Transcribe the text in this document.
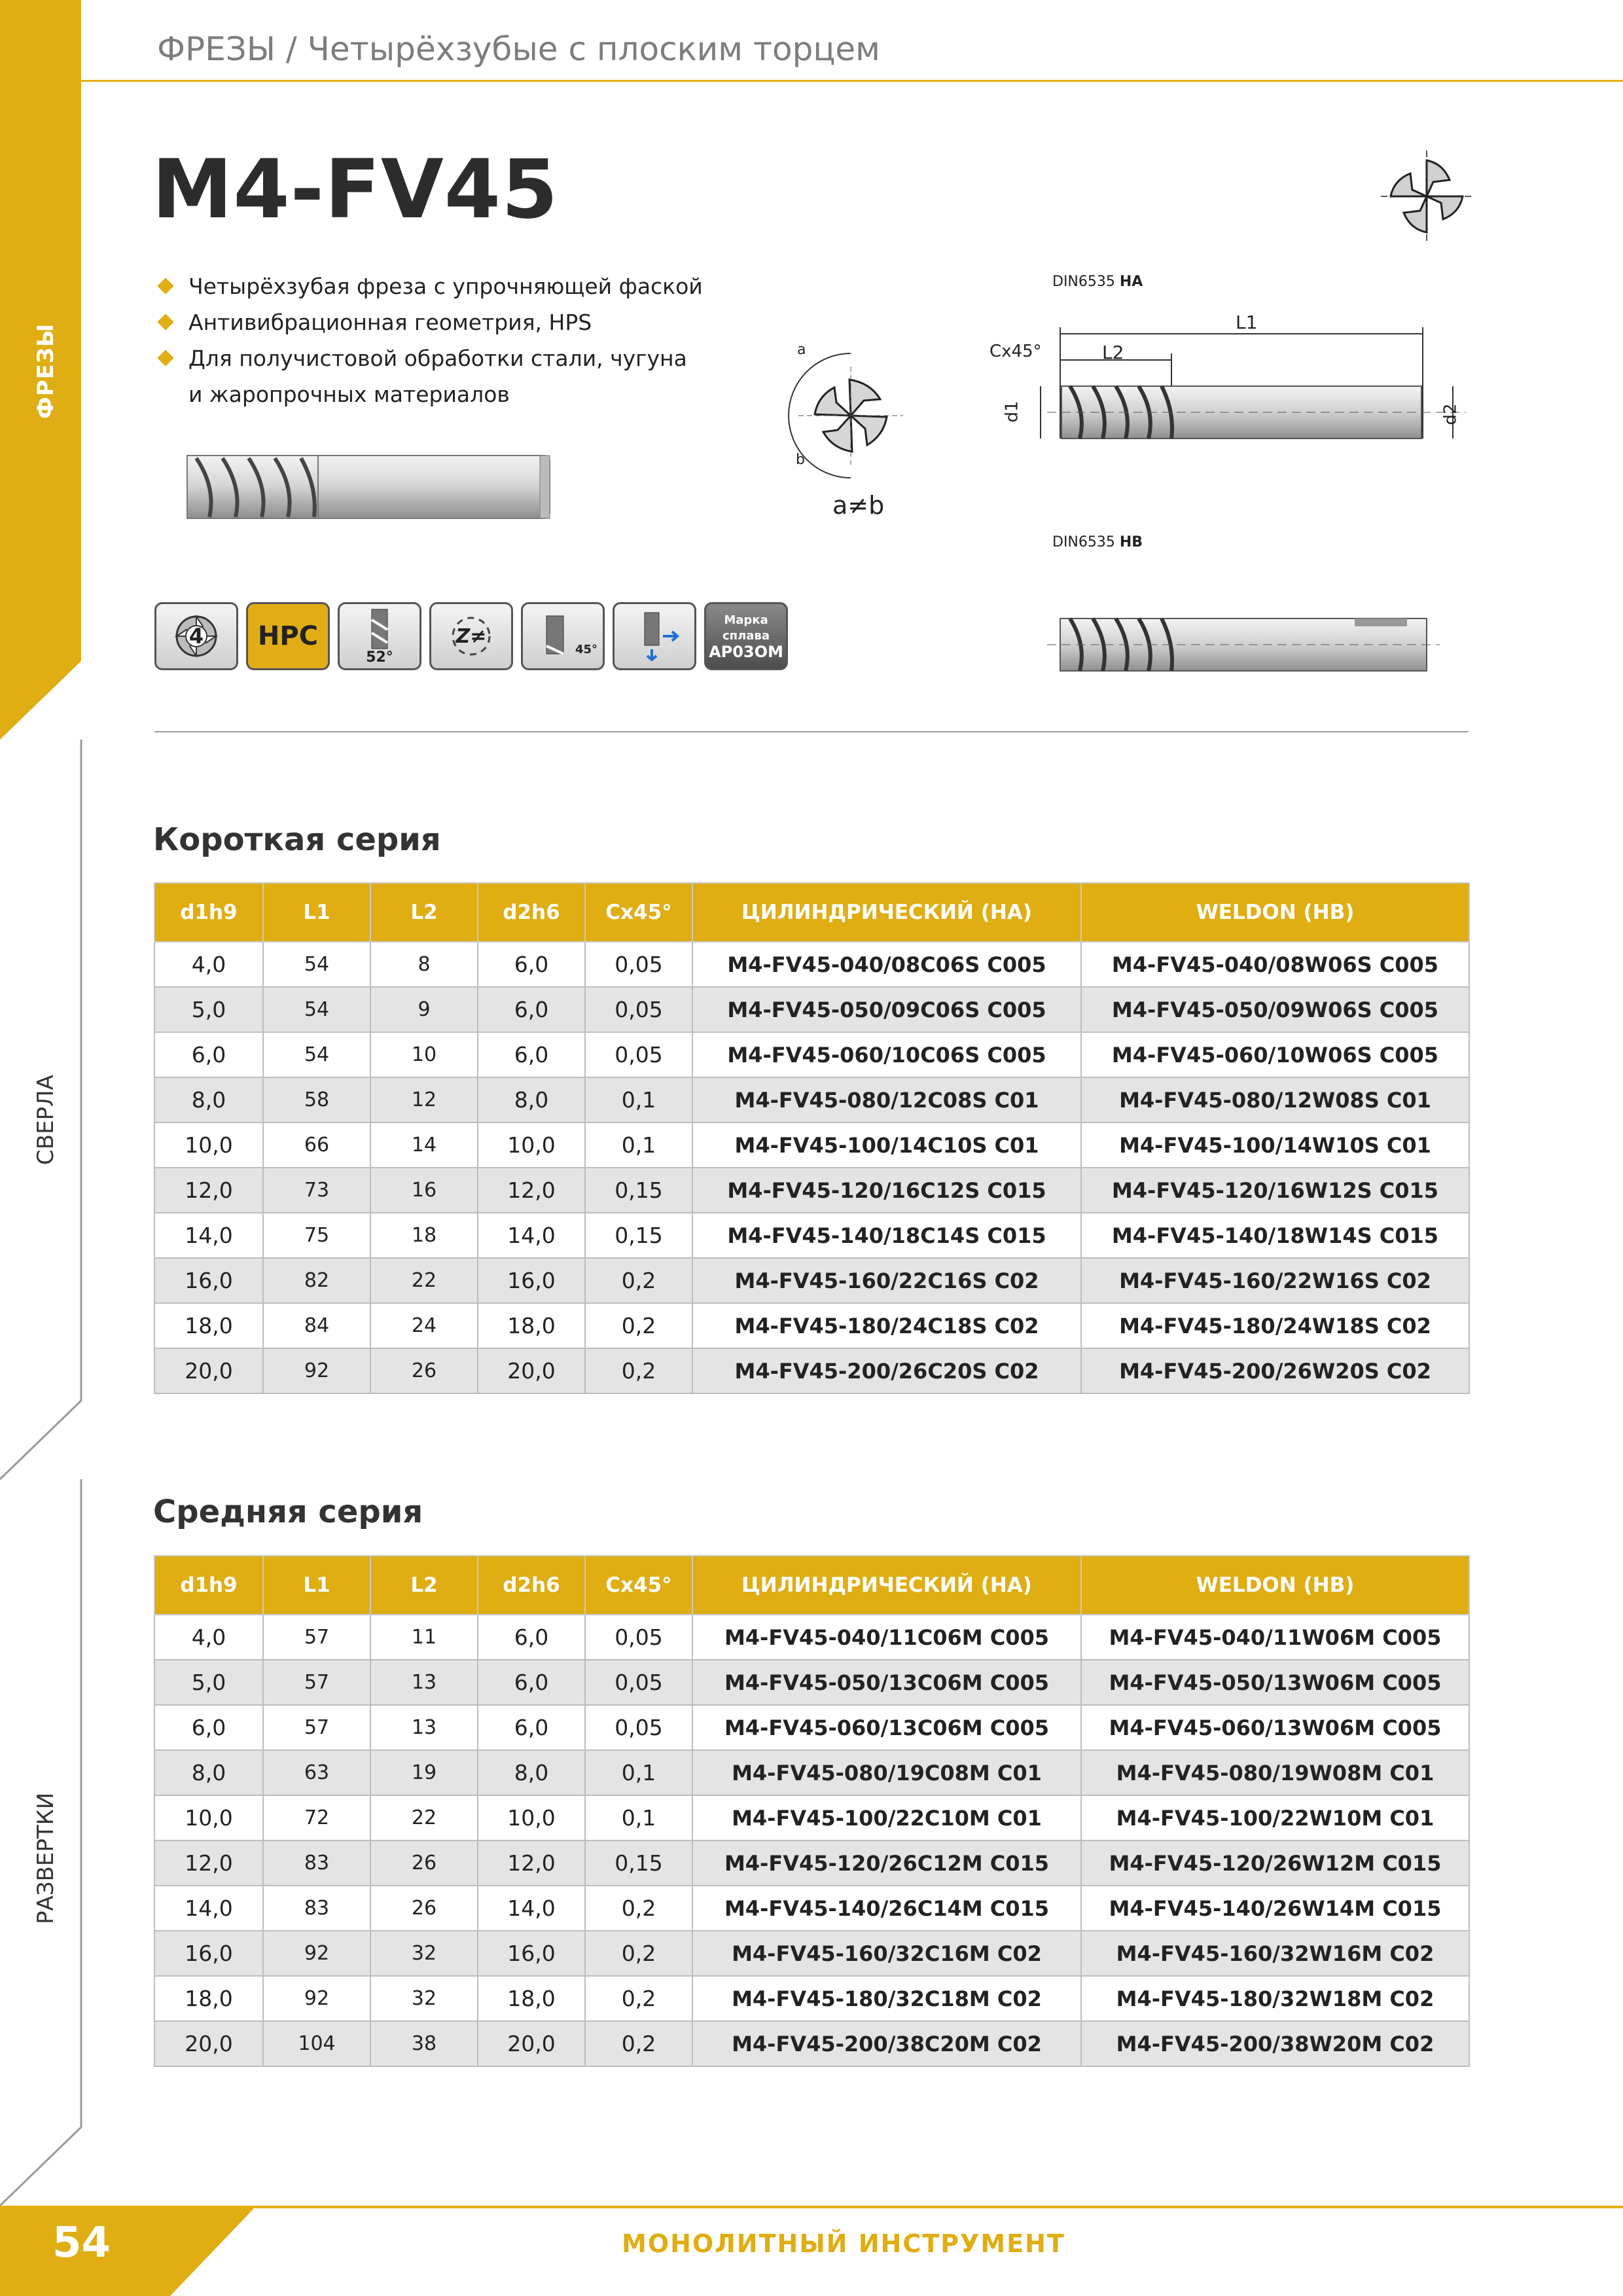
ФРЕЗЫ
СВЕРЛА
РАЗВЕРТКИ
ФРЕЗЫ / Четырёхзубые с плоским торцем
M4-FV45
Четырёхзубая фреза с упрочняющей фаской
Антивибрационная геометрия, HPS
Для получистовой обработки стали, чугуна
и жаропрочных материалов
a
b
a≠b
DIN6535 HA
L1
L2
Cx45°
d1	d2
DIN6535 HB
4	HPC
52°
Z≠
45°
Марка сплава
AP03OM
Короткая серия
d1h9	L1	L2	d2h6	Cx45°	ЦИЛИНДРИЧЕСКИЙ (HA)	WELDON (HB)
4,0	54	8	6,0	0,05	M4-FV45-040/08C06S C005	M4-FV45-040/08W06S C005
5,0	54	9	6,0	0,05	M4-FV45-050/09C06S C005	M4-FV45-050/09W06S C005
6,0	54	10	6,0	0,05	M4-FV45-060/10C06S C005	M4-FV45-060/10W06S C005
8,0	58	12	8,0	0,1	M4-FV45-080/12C08S C01	M4-FV45-080/12W08S C01
10,0	66	14	10,0	0,1	M4-FV45-100/14C10S C01	M4-FV45-100/14W10S C01
12,0	73	16	12,0	0,15	M4-FV45-120/16C12S C015	M4-FV45-120/16W12S C015
14,0	75	18	14,0	0,15	M4-FV45-140/18C14S C015	M4-FV45-140/18W14S C015
16,0	82	22	16,0	0,2	M4-FV45-160/22C16S C02	M4-FV45-160/22W16S C02
18,0	84	24	18,0	0,2	M4-FV45-180/24C18S C02	M4-FV45-180/24W18S C02
20,0	92	26	20,0	0,2	M4-FV45-200/26C20S C02	M4-FV45-200/26W20S C02
Средняя серия
d1h9	L1	L2	d2h6	Cx45°	ЦИЛИНДРИЧЕСКИЙ (HA)	WELDON (HB)
4,0	57	11	6,0	0,05	M4-FV45-040/11C06M C005	M4-FV45-040/11W06M C005
5,0	57	13	6,0	0,05	M4-FV45-050/13C06M C005	M4-FV45-050/13W06M C005
6,0	57	13	6,0	0,05	M4-FV45-060/13C06M C005	M4-FV45-060/13W06M C005
8,0	63	19	8,0	0,1	M4-FV45-080/19C08M C01	M4-FV45-080/19W08M C01
10,0	72	22	10,0	0,1	M4-FV45-100/22C10M C01	M4-FV45-100/22W10M C01
12,0	83	26	12,0	0,15	M4-FV45-120/26C12M C015	M4-FV45-120/26W12M C015
14,0	83	26	14,0	0,2	M4-FV45-140/26C14M C015	M4-FV45-140/26W14M C015
16,0	92	32	16,0	0,2	M4-FV45-160/32C16M C02	M4-FV45-160/32W16M C02
18,0	92	32	18,0	0,2	M4-FV45-180/32C18M C02	M4-FV45-180/32W18M C02
20,0	104	38	20,0	0,2	M4-FV45-200/38C20M C02	M4-FV45-200/38W20M C02
54	МОНОЛИТНЫЙ ИНСТРУМЕНТ
